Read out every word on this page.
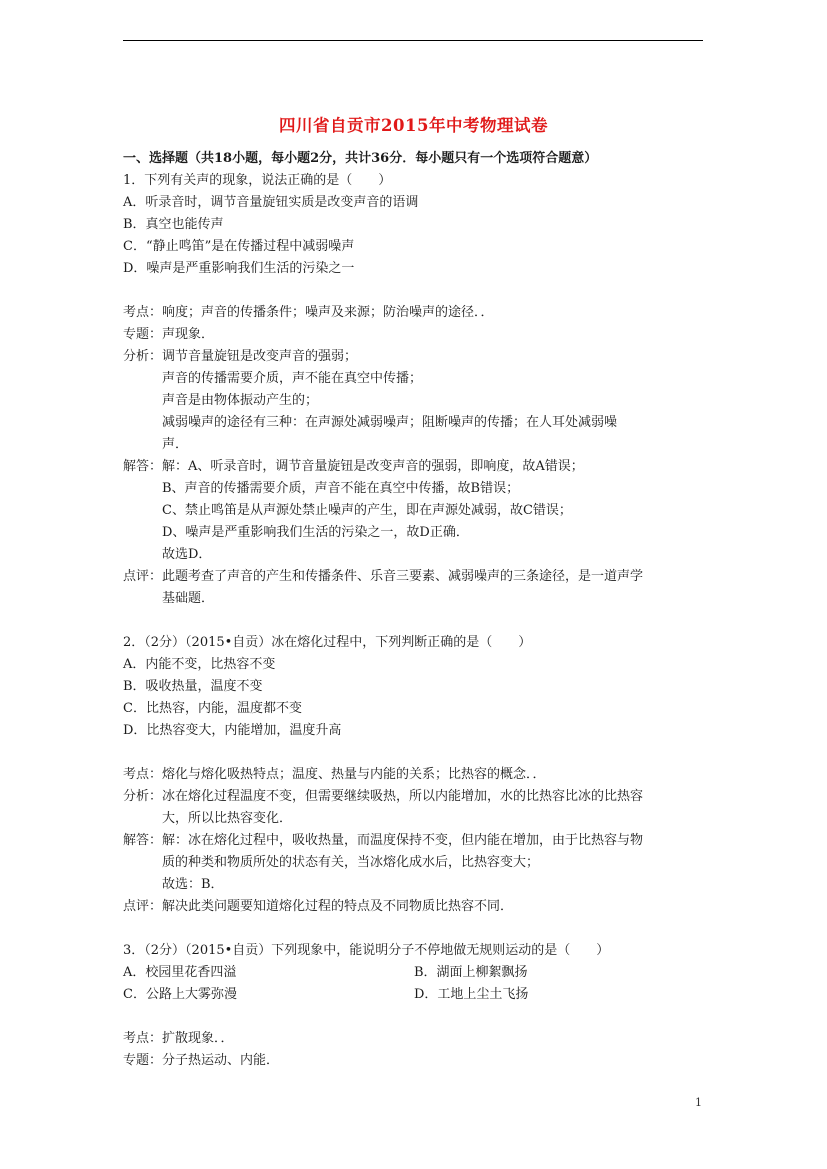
四川省自贡市2015年中考物理试卷
一、选择题（共18小题，每小题2分，共计36分．每小题只有一个选项符合题意）
1．下列有关声的现象，说法正确的是（　　）
A．听录音时，调节音量旋钮实质是改变声音的语调
B．真空也能传声
C．“静止鸣笛”是在传播过程中减弱噪声
D．噪声是严重影响我们生活的污染之一
考点：响度；声音的传播条件；噪声及来源；防治噪声的途径．．
专题：声现象．
分析： 调节音量旋钮是改变声音的强弱；
声音的传播需要介质，声不能在真空中传播；
声音是由物体振动产生的；
减弱噪声的途径有三种：在声源处减弱噪声；阻断噪声的传播；在人耳处减弱噪
声．
解答： 解：A、听录音时，调节音量旋钮是改变声音的强弱，即响度，故A错误；
B、声音的传播需要介质，声音不能在真空中传播，故B错误；
C、禁止鸣笛是从声源处禁止噪声的产生，即在声源处减弱，故C错误；
D、噪声是严重影响我们生活的污染之一，故D正确．
故选D．
点评： 此题考查了声音的产生和传播条件、乐音三要素、减弱噪声的三条途径，是一道声学
基础题．
2．（2分）（2015•自贡）冰在熔化过程中，下列判断正确的是（　　）
A．内能不变，比热容不变
B．吸收热量，温度不变
C．比热容，内能，温度都不变
D．比热容变大，内能增加，温度升高
考点：熔化与熔化吸热特点；温度、热量与内能的关系；比热容的概念．．
分析： 冰在熔化过程温度不变，但需要继续吸热，所以内能增加，水的比热容比冰的比热容
大，所以比热容变化．
解答： 解：冰在熔化过程中，吸收热量，而温度保持不变，但内能在增加，由于比热容与物
质的种类和物质所处的状态有关，当冰熔化成水后，比热容变大；
故选：B．
点评： 解决此类问题要知道熔化过程的特点及不同物质比热容不同．
3．（2分）（2015•自贡）下列现象中，能说明分子不停地做无规则运动的是（　　）
A．校园里花香四溢	B．湖面上柳絮飘扬
C．公路上大雾弥漫	D．工地上尘土飞扬
考点：扩散现象．．
专题：分子热运动、内能．
1
